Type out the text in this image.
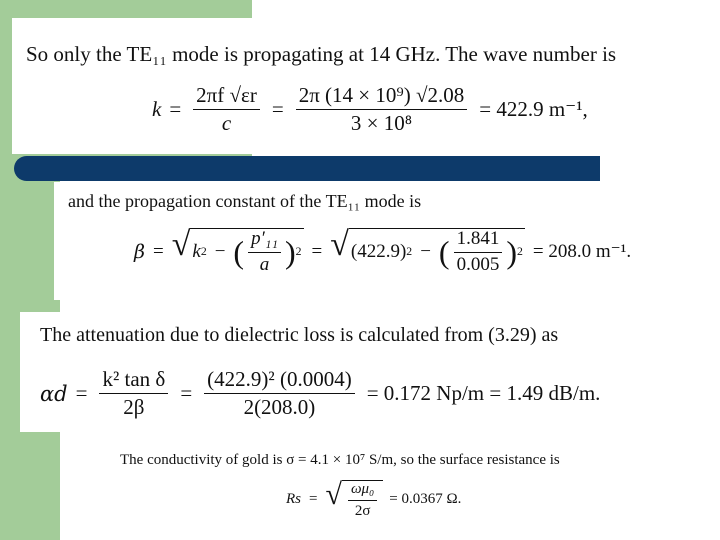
So only the TE₁₁ mode is propagating at 14 GHz. The wave number is
$k = \frac{2\pi f √\varepsilon r}{c} = \frac{\text{2π (14 × 10⁹) √2.08}}{\text{3 × 10⁸}} = 422.9$ m⁻¹,
and the propagation constant of the TE₁₁ mode is
β = √ k 2 − ( $\frac{\text{p′₁₁}}{a}$ ) 2 = √ (422.9) 2 − ( $\frac{1.841}{0.005}$ ) 2 = 208.0 m⁻¹.
The attenuation due to dielectric loss is calculated from (3.29) as
$\alpha d = \frac{\text{k² tan δ}}{2\beta} = \frac{\text{(422.9)² (0.0004)}}{2(208.0)} = 0.172$ Np/m = 1.49 dB/m.
The conductivity of gold is σ = 4.1 × 10⁷ S/m, so the surface resistance is
Rs = √ $\frac{\text{ωμ₀}}{2\sigma} = 0.0367$ Ω.
